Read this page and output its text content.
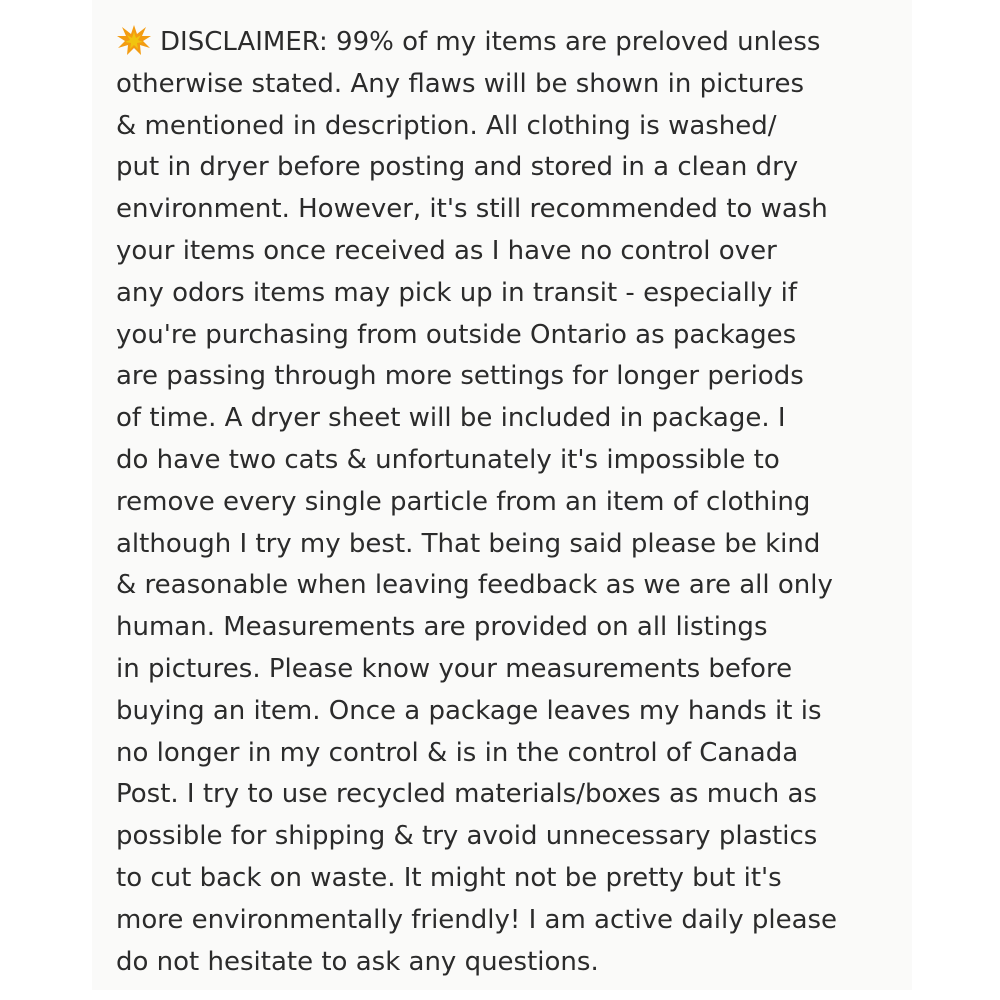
DISCLAIMER: 99% of my items are preloved unless
otherwise stated. Any flaws will be shown in pictures
& mentioned in description. All clothing is washed/
put in dryer before posting and stored in a clean dry
environment. However, it's still recommended to wash
your items once received as I have no control over
any odors items may pick up in transit - especially if
you're purchasing from outside Ontario as packages
are passing through more settings for longer periods
of time. A dryer sheet will be included in package. I
do have two cats & unfortunately it's impossible to
remove every single particle from an item of clothing
although I try my best. That being said please be kind
& reasonable when leaving feedback as we are all only
human. Measurements are provided on all listings
in pictures. Please know your measurements before
buying an item. Once a package leaves my hands it is
no longer in my control & is in the control of Canada
Post. I try to use recycled materials/boxes as much as
possible for shipping & try avoid unnecessary plastics
to cut back on waste. It might not be pretty but it's
more environmentally friendly! I am active daily please
do not hesitate to ask any questions.
